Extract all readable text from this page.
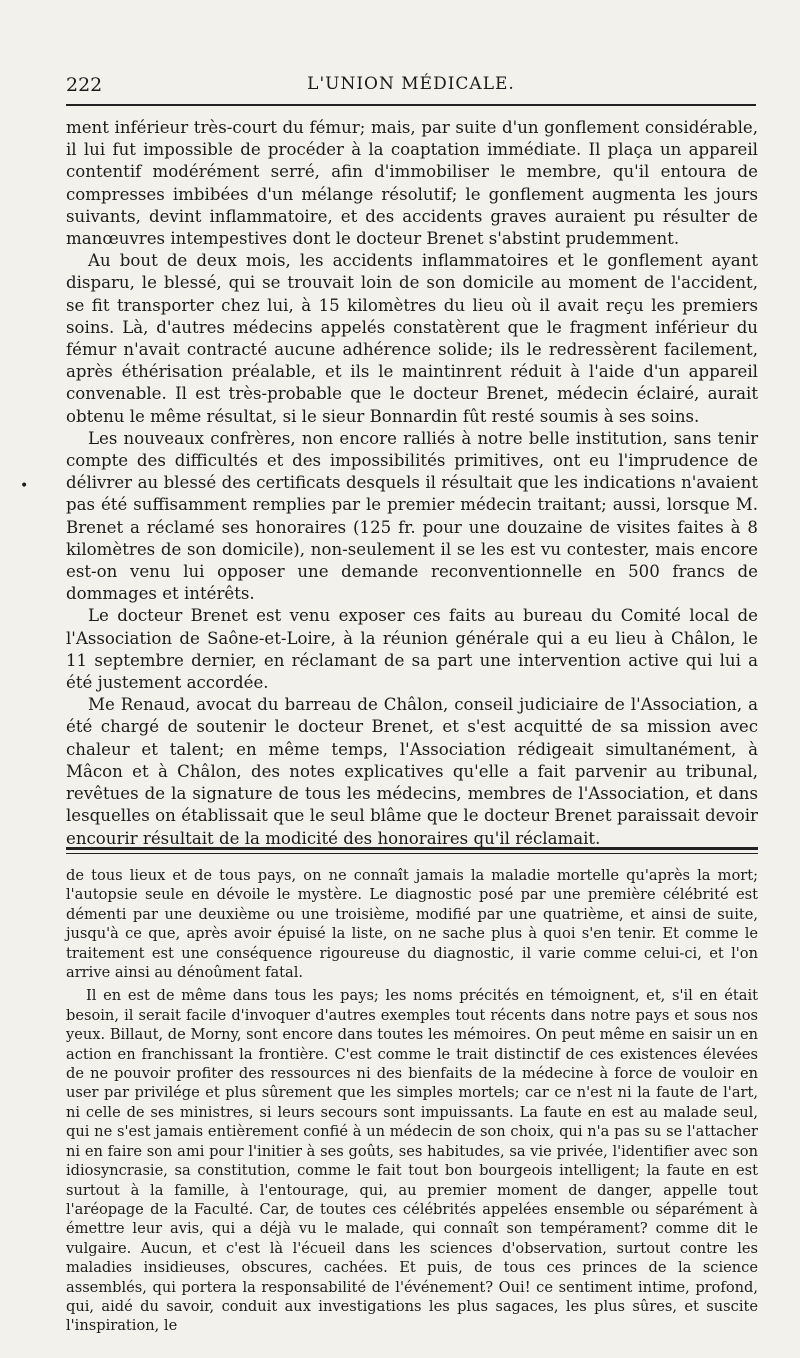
222	L'UNION MÉDICALE.
•

ment inférieur très-court du fémur; mais, par suite d'un gonflement considérable, il lui fut impossible de procéder à la coaptation immédiate. Il plaça un appareil contentif modérément serré, afin d'immobiliser le membre, qu'il entoura de compresses imbibées d'un mélange résolutif; le gonflement augmenta les jours suivants, devint inflammatoire, et des accidents graves auraient pu résulter de manœuvres intempestives dont le docteur Brenet s'abstint prudemment.

Au bout de deux mois, les accidents inflammatoires et le gonflement ayant disparu, le blessé, qui se trouvait loin de son domicile au moment de l'accident, se fit transporter chez lui, à 15 kilomètres du lieu où il avait reçu les premiers soins. Là, d'autres médecins appelés constatèrent que le fragment inférieur du fémur n'avait contracté aucune adhérence solide; ils le redressèrent facilement, après éthérisation préalable, et ils le maintinrent réduit à l'aide d'un appareil convenable. Il est très-probable que le docteur Brenet, médecin éclairé, aurait obtenu le même résultat, si le sieur Bonnardin fût resté soumis à ses soins.

Les nouveaux confrères, non encore ralliés à notre belle institution, sans tenir compte des difficultés et des impossibilités primitives, ont eu l'imprudence de délivrer au blessé des certificats desquels il résultait que les indications n'avaient pas été suffisamment remplies par le premier médecin traitant; aussi, lorsque M. Brenet a réclamé ses honoraires (125 fr. pour une douzaine de visites faites à 8 kilomètres de son domicile), non-seulement il se les est vu contester, mais encore est-on venu lui opposer une demande reconventionnelle en 500 francs de dommages et intérêts.

Le docteur Brenet est venu exposer ces faits au bureau du Comité local de l'Association de Saône-et-Loire, à la réunion générale qui a eu lieu à Châlon, le 11 septembre dernier, en réclamant de sa part une intervention active qui lui a été justement accordée.

Me Renaud, avocat du barreau de Châlon, conseil judiciaire de l'Association, a été chargé de soutenir le docteur Brenet, et s'est acquitté de sa mission avec chaleur et talent; en même temps, l'Association rédigeait simultanément, à Mâcon et à Châlon, des notes explicatives qu'elle a fait parvenir au tribunal, revêtues de la signature de tous les médecins, membres de l'Association, et dans lesquelles on établissait que le seul blâme que le docteur Brenet paraissait devoir encourir résultait de la modicité des honoraires qu'il réclamait.

de tous lieux et de tous pays, on ne connaît jamais la maladie mortelle qu'après la mort; l'autopsie seule en dévoile le mystère. Le diagnostic posé par une première célébrité est démenti par une deuxième ou une troisième, modifié par une quatrième, et ainsi de suite, jusqu'à ce que, après avoir épuisé la liste, on ne sache plus à quoi s'en tenir. Et comme le traitement est une conséquence rigoureuse du diagnostic, il varie comme celui-ci, et l'on arrive ainsi au dénoûment fatal.

Il en est de même dans tous les pays; les noms précités en témoignent, et, s'il en était besoin, il serait facile d'invoquer d'autres exemples tout récents dans notre pays et sous nos yeux. Billaut, de Morny, sont encore dans toutes les mémoires. On peut même en saisir un en action en franchissant la frontière. C'est comme le trait distinctif de ces existences élevées de ne pouvoir profiter des ressources ni des bienfaits de la médecine à force de vouloir en user par privilége et plus sûrement que les simples mortels; car ce n'est ni la faute de l'art, ni celle de ses ministres, si leurs secours sont impuissants. La faute en est au malade seul, qui ne s'est jamais entièrement confié à un médecin de son choix, qui n'a pas su se l'attacher ni en faire son ami pour l'initier à ses goûts, ses habitudes, sa vie privée, l'identifier avec son idiosyncrasie, sa constitution, comme le fait tout bon bourgeois intelligent; la faute en est surtout à la famille, à l'entourage, qui, au premier moment de danger, appelle tout l'aréopage de la Faculté. Car, de toutes ces célébrités appelées ensemble ou séparément à émettre leur avis, qui a déjà vu le malade, qui connaît son tempérament? comme dit le vulgaire. Aucun, et c'est là l'écueil dans les sciences d'observation, surtout contre les maladies insidieuses, obscures, cachées. Et puis, de tous ces princes de la science assemblés, qui portera la responsabilité de l'événement? Oui! ce sentiment intime, profond, qui, aidé du savoir, conduit aux investigations les plus sagaces, les plus sûres, et suscite l'inspiration, le
